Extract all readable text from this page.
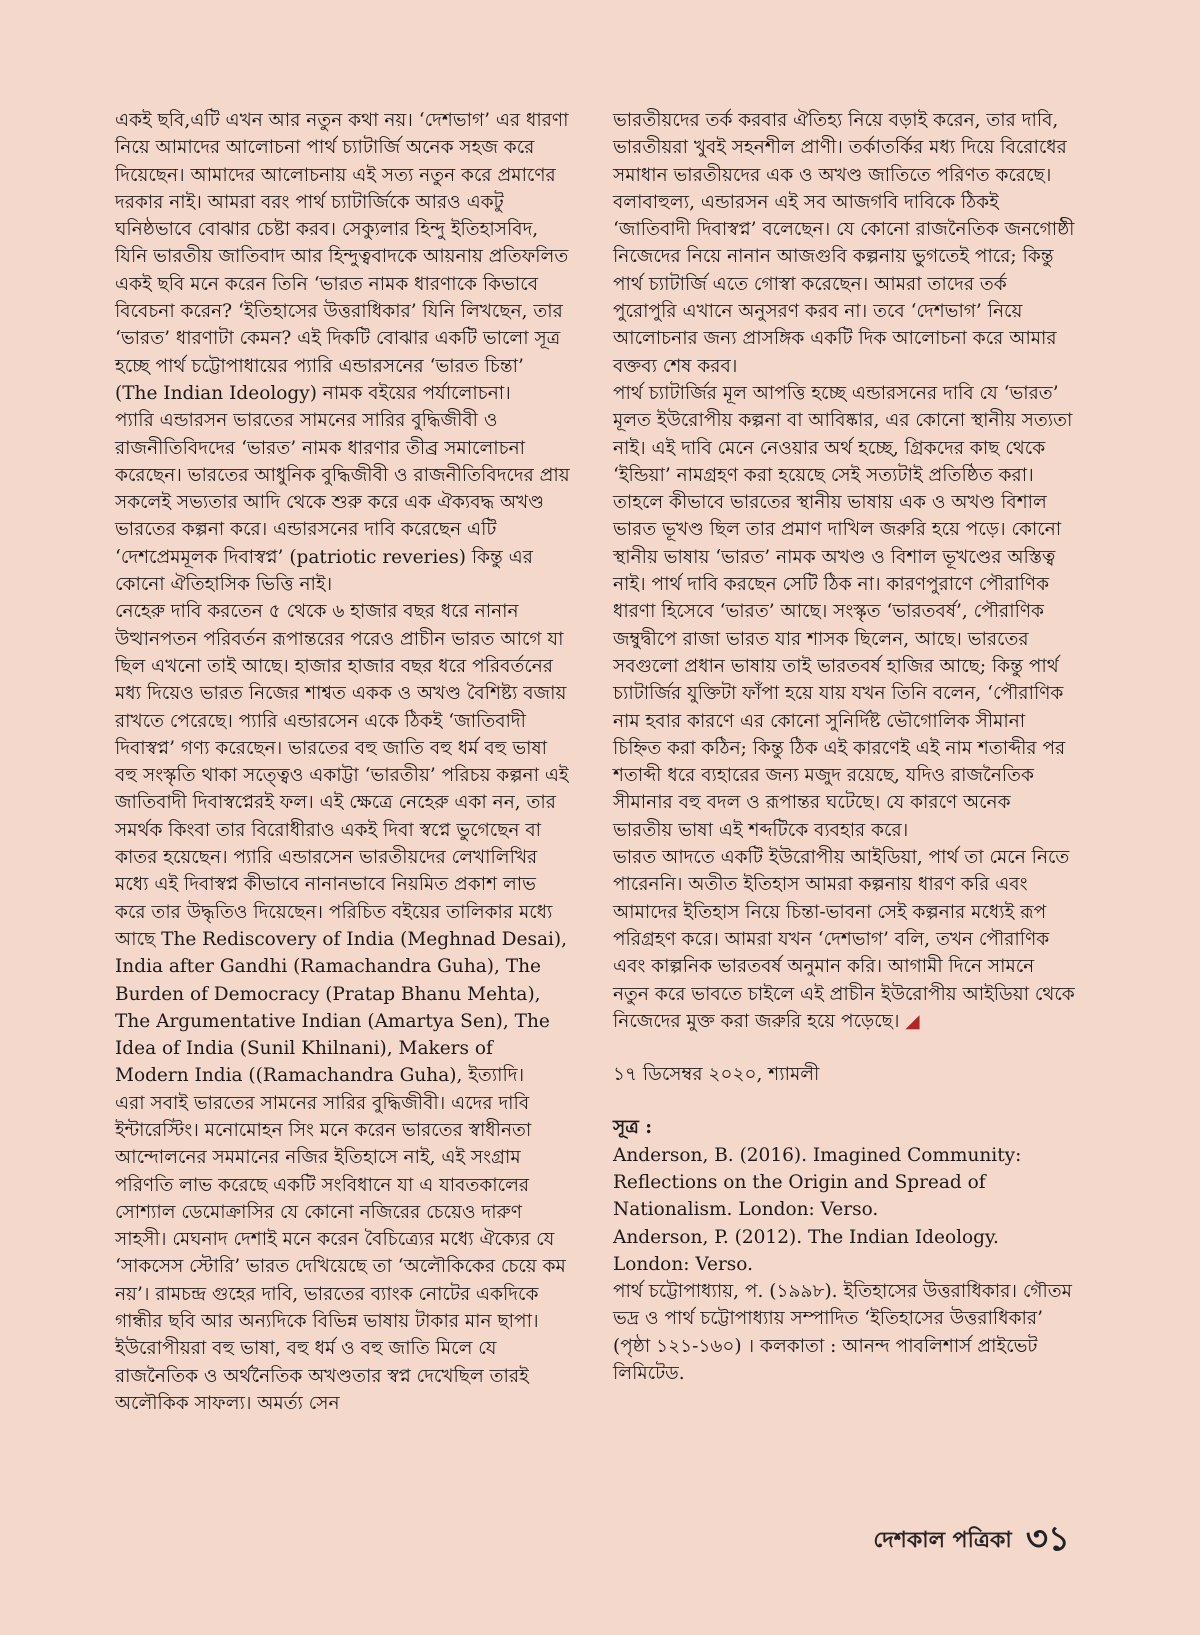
একই ছবি,এটি এখন আর নতুন কথা নয়। ‘দেশভাগ’ এর ধারণা নিয়ে আমাদের আলোচনা পার্থ চ্যাটার্জি অনেক সহজ করে দিয়েছেন। আমাদের আলোচনায় এই সত্য নতুন করে প্রমাণের দরকার নাই। আমরা বরং পার্থ চ্যাটার্জিকে আরও একটু ঘনিষ্ঠভাবে বোঝার চেষ্টা করব। সেক্যুলার হিন্দু ইতিহাসবিদ, যিনি ভারতীয় জাতিবাদ আর হিন্দুত্ববাদকে আয়নায় প্রতিফলিত একই ছবি মনে করেন তিনি ‘ভারত নামক ধারণাকে কিভাবে বিবেচনা করেন? ‘ইতিহাসের উত্তরাধিকার’ যিনি লিখছেন, তার ‘ভারত’ ধারণাটা কেমন? এই দিকটি বোঝার একটি ভালো সূত্র হচ্ছে পার্থ চট্টোপাধায়ের প্যারি এন্ডারসনের ‘ভারত চিন্তা’ (The Indian Ideology) নামক বইয়ের পর্যালোচনা।

প্যারি এন্ডারসন ভারতের সামনের সারির বুদ্ধিজীবী ও রাজনীতিবিদদের ‘ভারত’ নামক ধারণার তীব্র সমালোচনা করেছেন। ভারতের আধুনিক বুদ্ধিজীবী ও রাজনীতিবিদদের প্রায় সকলেই সভ্যতার আদি থেকে শুরু করে এক ঐক্যবদ্ধ অখণ্ড ভারতের কল্পনা করে। এন্ডারসনের দাবি করেছেন এটি ‘দেশপ্রেমমূলক দিবাস্বপ্ন’ (patriotic reveries) কিন্তু এর কোনো ঐতিহাসিক ভিত্তি নাই।

নেহেরু দাবি করতেন ৫ থেকে ৬ হাজার বছর ধরে নানান উত্থানপতন পরিবর্তন রূপান্তরের পরেও প্রাচীন ভারত আগে যা ছিল এখনো তাই আছে। হাজার হাজার বছর ধরে পরিবর্তনের মধ্য দিয়েও ভারত নিজের শাশ্বত একক ও অখণ্ড বৈশিষ্ট্য বজায় রাখতে পেরেছে। প্যারি এন্ডারসেন একে ঠিকই ‘জাতিবাদী দিবাস্বপ্ন’ গণ্য করেছেন। ভারতের বহু জাতি বহু ধর্ম বহু ভাষা বহু সংস্কৃতি থাকা সত্ত্বেও একাট্টা ‘ভারতীয়’ পরিচয় কল্পনা এই জাতিবাদী দিবাস্বপ্নেরই ফল। এই ক্ষেত্রে নেহেরু একা নন, তার সমর্থক কিংবা তার বিরোধীরাও একই দিবা স্বপ্নে ভুগেছেন বা কাতর হয়েছেন। প্যারি এন্ডারসেন ভারতীয়দের লেখালিখির মধ্যে এই দিবাস্বপ্ন কীভাবে নানানভাবে নিয়মিত প্রকাশ লাভ করে তার উদ্ধৃতিও দিয়েছেন। পরিচিত বইয়ের তালিকার মধ্যে আছে The Rediscovery of India (Meghnad Desai), India after Gandhi (Ramachandra Guha), The Burden of Democracy (Pratap Bhanu Mehta), The Argumentative Indian (Amartya Sen), The Idea of India (Sunil Khilnani), Makers of Modern India ((Ramachandra Guha), ইত্যাদি।

এরা সবাই ভারতের সামনের সারির বুদ্ধিজীবী। এদের দাবি ইন্টারেস্টিং। মনোমোহন সিং মনে করেন ভারতের স্বাধীনতা আন্দোলনের সমমানের নজির ইতিহাসে নাই, এই সংগ্রাম পরিণতি লাভ করেছে একটি সংবিধানে যা এ যাবতকালের সোশ্যাল ডেমোক্রাসির যে কোনো নজিরের চেয়েও দারুণ সাহসী। মেঘনাদ দেশাই মনে করেন বৈচিত্র্যের মধ্যে ঐক্যের যে ‘সাকসেস স্টোরি’ ভারত দেখিয়েছে তা ‘অলৌকিকের চেয়ে কম নয়’। রামচন্দ্র গুহের দাবি, ভারতের ব্যাংক নোটের একদিকে গান্ধীর ছবি আর অন্যদিকে বিভিন্ন ভাষায় টাকার মান ছাপা। ইউরোপীয়রা বহু ভাষা, বহু ধর্ম ও বহু জাতি মিলে যে রাজনৈতিক ও অর্থনৈতিক অখণ্ডতার স্বপ্ন দেখেছিল তারই অলৌকিক সাফল্য। অমর্ত্য সেন

ভারতীয়দের তর্ক করবার ঐতিহ্য নিয়ে বড়াই করেন, তার দাবি, ভারতীয়রা খুবই সহনশীল প্রাণী। তর্কাতর্কির মধ্য দিয়ে বিরোধের সমাধান ভারতীয়দের এক ও অখণ্ড জাতিতে পরিণত করেছে।

বলাবাহুল্য, এন্ডারসন এই সব আজগবি দাবিকে ঠিকই ‘জাতিবাদী দিবাস্বপ্ন’ বলেছেন। যে কোনো রাজনৈতিক জনগোষ্ঠী নিজেদের নিয়ে নানান আজগুবি কল্পনায় ভুগতেই পারে; কিন্তু পার্থ চ্যাটার্জি এতে গোস্বা করেছেন। আমরা তাদের তর্ক পুরোপুরি এখানে অনুসরণ করব না। তবে ‘দেশভাগ’ নিয়ে আলোচনার জন্য প্রাসঙ্গিক একটি দিক আলোচনা করে আমার বক্তব্য শেষ করব।

পার্থ চ্যাটার্জির মূল আপত্তি হচ্ছে এন্ডারসনের দাবি যে ‘ভারত’ মূলত ইউরোপীয় কল্পনা বা আবিষ্কার, এর কোনো স্থানীয় সত্যতা নাই। এই দাবি মেনে নেওয়ার অর্থ হচ্ছে, গ্রিকদের কাছ থেকে ‘ইন্ডিয়া’ নামগ্রহণ করা হয়েছে সেই সত্যটাই প্রতিষ্ঠিত করা। তাহলে কীভাবে ভারতের স্থানীয় ভাষায় এক ও অখণ্ড বিশাল ভারত ভূখণ্ড ছিল তার প্রমাণ দাখিল জরুরি হয়ে পড়ে। কোনো স্থানীয় ভাষায় ‘ভারত’ নামক অখণ্ড ও বিশাল ভূখণ্ডের অস্তিত্ব নাই। পার্থ দাবি করছেন সেটি ঠিক না। কারণপুরাণে পৌরাণিক ধারণা হিসেবে ‘ভারত’ আছে। সংস্কৃত ‘ভারতবর্ষ’, পৌরাণিক জম্বুদ্বীপে রাজা ভারত যার শাসক ছিলেন, আছে। ভারতের সবগুলো প্রধান ভাষায় তাই ভারতবর্ষ হাজির আছে; কিন্তু পার্থ চ্যাটার্জির যুক্তিটা ফাঁপা হয়ে যায় যখন তিনি বলেন, ‘পৌরাণিক নাম হবার কারণে এর কোনো সুনির্দিষ্ট ভৌগোলিক সীমানা চিহ্নিত করা কঠিন; কিন্তু ঠিক এই কারণেই এই নাম শতাব্দীর পর শতাব্দী ধরে ব্যহারের জন্য মজুদ রয়েছে, যদিও রাজনৈতিক সীমানার বহু বদল ও রূপান্তর ঘটেছে। যে কারণে অনেক ভারতীয় ভাষা এই শব্দটিকে ব্যবহার করে।

ভারত আদতে একটি ইউরোপীয় আইডিয়া, পার্থ তা মেনে নিতে পারেননি। অতীত ইতিহাস আমরা কল্পনায় ধারণ করি এবং আমাদের ইতিহাস নিয়ে চিন্তা-ভাবনা সেই কল্পনার মধ্যেই রূপ পরিগ্রহণ করে। আমরা যখন ‘দেশভাগ’ বলি, তখন পৌরাণিক এবং কাল্পনিক ভারতবর্ষ অনুমান করি। আগামী দিনে সামনে নতুন করে ভাবতে চাইলে এই প্রাচীন ইউরোপীয় আইডিয়া থেকে নিজেদের মুক্ত করা জরুরি হয়ে পড়েছে। ◢

১৭ ডিসেম্বর ২০২০, শ্যামলী

সূত্র :

Anderson, B. (2016). Imagined Community: Reflections on the Origin and Spread of Nationalism. London: Verso.

Anderson, P. (2012). The Indian Ideology. London: Verso.

পার্থ চট্টোপাধ্যায়, প. (১৯৯৮). ইতিহাসের উত্তরাধিকার। গৌতম ভদ্র ও পার্থ চট্টোপাধ্যায় সম্পাদিত ‘ইতিহাসের উত্তরাধিকার’ (পৃষ্ঠা ১২১-১৬০) । কলকাতা : আনন্দ পাবলিশার্স প্রাইভেট লিমিটেড.

দেশকাল পত্রিকা ৩১
